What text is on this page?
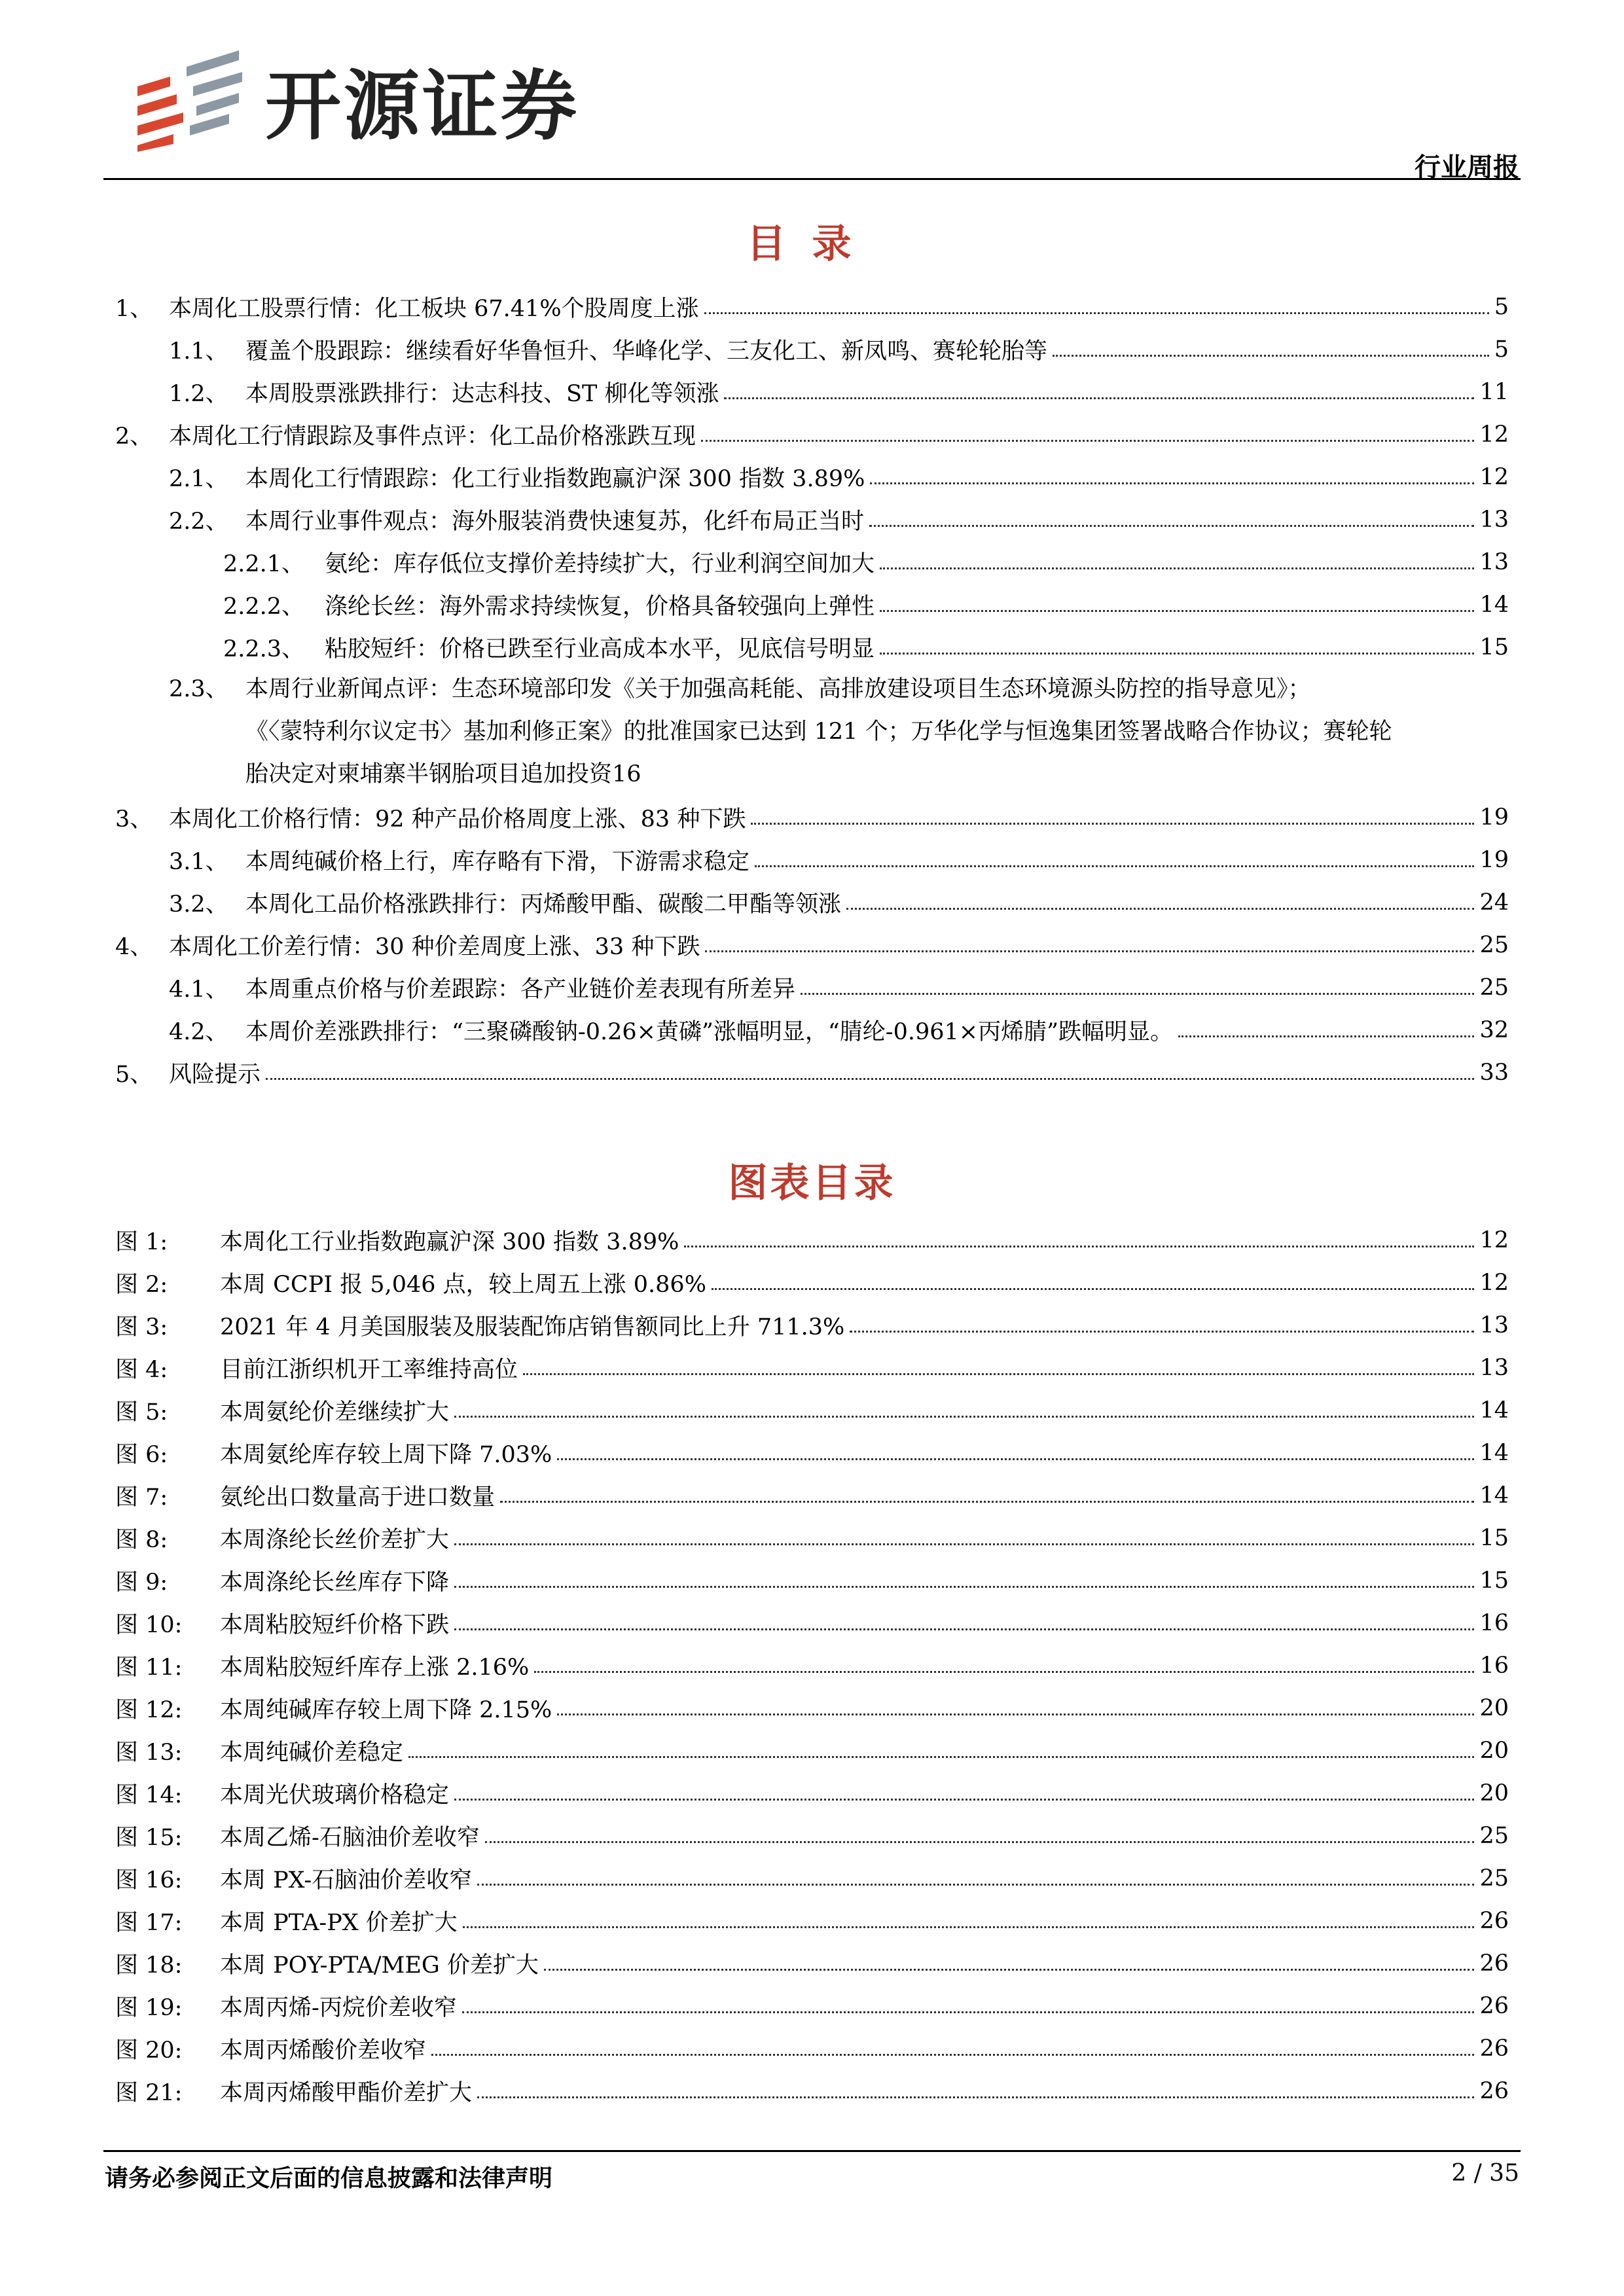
开源证券
行业周报
目录
1、 本周化工股票行情：化工板块 67.41%个股周度上涨	5
1.1、 覆盖个股跟踪：继续看好华鲁恒升、华峰化学、三友化工、新凤鸣、赛轮轮胎等	5
1.2、 本周股票涨跌排行：达志科技、ST 柳化等领涨	11
2、 本周化工行情跟踪及事件点评：化工品价格涨跌互现	12
2.1、 本周化工行情跟踪：化工行业指数跑赢沪深 300 指数 3.89%	12
2.2、 本周行业事件观点：海外服装消费快速复苏，化纤布局正当时	13
2.2.1、 氨纶：库存低位支撑价差持续扩大，行业利润空间加大	13
2.2.2、 涤纶长丝：海外需求持续恢复，价格具备较强向上弹性	14
2.2.3、 粘胶短纤：价格已跌至行业高成本水平，见底信号明显	15
2.3、 本周行业新闻点评：生态环境部印发《关于加强高耗能、高排放建设项目生态环境源头防控的指导意见》；
《〈蒙特利尔议定书〉基加利修正案》的批准国家已达到 121 个；万华化学与恒逸集团签署战略合作协议；赛轮轮
胎决定对柬埔寨半钢胎项目追加投资 16
3、 本周化工价格行情：92 种产品价格周度上涨、83 种下跌	19
3.1、 本周纯碱价格上行，库存略有下滑，下游需求稳定	19
3.2、 本周化工品价格涨跌排行：丙烯酸甲酯、碳酸二甲酯等领涨	24
4、 本周化工价差行情：30 种价差周度上涨、33 种下跌	25
4.1、 本周重点价格与价差跟踪：各产业链价差表现有所差异	25
4.2、 本周价差涨跌排行：“三聚磷酸钠-0.26×黄磷”涨幅明显，“腈纶-0.961×丙烯腈”跌幅明显。	32
5、 风险提示	33
图表目录
图 1:	本周化工行业指数跑赢沪深 300 指数 3.89%	12
图 2:	本周 CCPI 报 5,046 点，较上周五上涨 0.86%	12
图 3:	2021 年 4 月美国服装及服装配饰店销售额同比上升 711.3%	13
图 4:	目前江浙织机开工率维持高位	13
图 5:	本周氨纶价差继续扩大	14
图 6:	本周氨纶库存较上周下降 7.03%	14
图 7:	氨纶出口数量高于进口数量	14
图 8:	本周涤纶长丝价差扩大	15
图 9:	本周涤纶长丝库存下降	15
图 10:	本周粘胶短纤价格下跌	16
图 11:	本周粘胶短纤库存上涨 2.16%	16
图 12:	本周纯碱库存较上周下降 2.15%	20
图 13:	本周纯碱价差稳定	20
图 14:	本周光伏玻璃价格稳定	20
图 15:	本周乙烯-石脑油价差收窄	25
图 16:	本周 PX-石脑油价差收窄	25
图 17:	本周 PTA-PX 价差扩大	26
图 18:	本周 POY-PTA/MEG 价差扩大	26
图 19:	本周丙烯-丙烷价差收窄	26
图 20:	本周丙烯酸价差收窄	26
图 21:	本周丙烯酸甲酯价差扩大	26
请务必参阅正文后面的信息披露和法律声明	2 / 35
